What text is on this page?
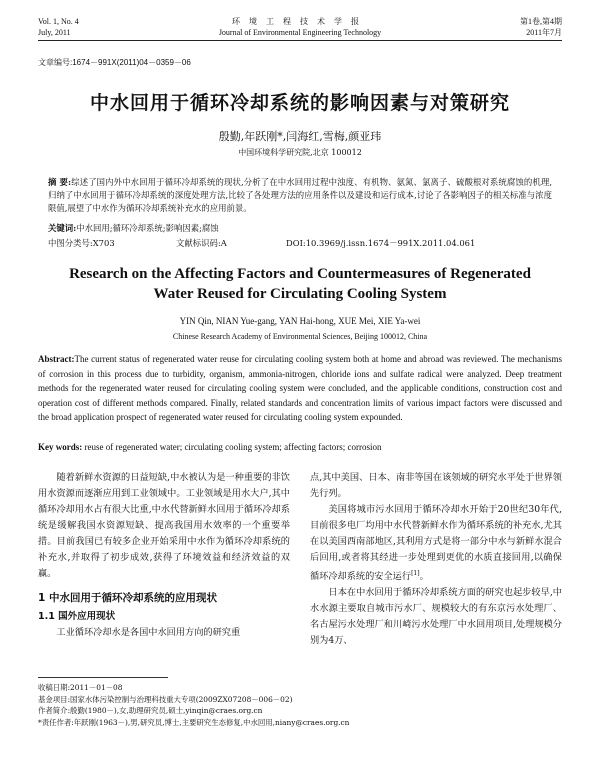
Vol. 1, No. 4
July, 2011
环境工程技术学报
Journal of Environmental Engineering Technology
第1卷,第4期
2011年7月
文章编号:1674－991X(2011)04－0359－06
中水回用于循环冷却系统的影响因素与对策研究
殷勤,年跃刚*,闫海红,雪梅,颜亚玮
中国环境科学研究院,北京 100012
摘 要:综述了国内外中水回用于循环冷却系统的现状,分析了在中水回用过程中浊度、有机物、氨氮、氯离子、硫酸根对系统腐蚀的机理,归纳了中水回用于循环冷却系统的深度处理方法,比较了各处理方法的应用条件以及建设和运行成本,讨论了各影响因子的相关标准与浓度限值,展望了中水作为循环冷却系统补充水的应用前景。
关键词:中水回用;循环冷却系统;影响因素;腐蚀
中图分类号:X703	文献标识码:A	DOI:10.3969/j.issn.1674－991X.2011.04.061
Research on the Affecting Factors and Countermeasures of Regenerated
Water Reused for Circulating Cooling System
YIN Qin, NIAN Yue-gang, YAN Hai-hong, XUE Mei, XIE Ya-wei
Chinese Research Academy of Environmental Sciences, Beijing 100012, China
Abstract:The current status of regenerated water reuse for circulating cooling system both at home and abroad was reviewed. The mechanisms of corrosion in this process due to turbidity, organism, ammonia-nitrogen, chloride ions and sulfate radical were analyzed. Deep treatment methods for the regenerated water reused for circulating cooling system were concluded, and the applicable conditions, construction cost and operation cost of different methods compared. Finally, related standards and concentration limits of various impact factors were discussed and the broad application prospect of regenerated water reused for circulating cooling system expounded.
Key words: reuse of regenerated water; circulating cooling system; affecting factors; corrosion

随着新鲜水资源的日益短缺,中水被认为是一种重要的非饮用水资源而逐渐应用到工业领域中。工业领域是用水大户,其中循环冷却用水占有很大比重,中水代替新鲜水回用于循环冷却系统是缓解我国水资源短缺、提高我国用水效率的一个重要举措。目前我国已有较多企业开始采用中水作为循环冷却系统的补充水,并取得了初步成效,获得了环境效益和经济效益的双赢。

1 中水回用于循环冷却系统的应用现状
1.1 国外应用现状

工业循环冷却水是各国中水回用方向的研究重

点,其中美国、日本、南非等国在该领域的研究水平处于世界领先行列。

美国将城市污水回用于循环冷却水开始于20世纪30年代,目前很多电厂均用中水代替新鲜水作为循环系统的补充水,尤其在以美国西南部地区,其利用方式是将一部分中水与新鲜水混合后回用,或者将其经进一步处理到更优的水质直接回用,以确保循环冷却系统的安全运行[1]。

日本在中水回用于循环冷却系统方面的研究也起步较早,中水水源主要取自城市污水厂、规模较大的有东京污水处理厂、名古屋污水处理厂和川崎污水处理厂中水回用项目,处理规模分别为4万、

收稿日期:2011－01－08
基金项目:国家水体污染控制与治理科技重大专项(2009ZX07208－006－02)
作者简介:殷勤(1980－),女,助理研究员,硕士,yinqin@craes.org.cn
*责任作者:年跃刚(1963－),男,研究员,博士,主要研究生态修复,中水回用,niany@craes.org.cn
